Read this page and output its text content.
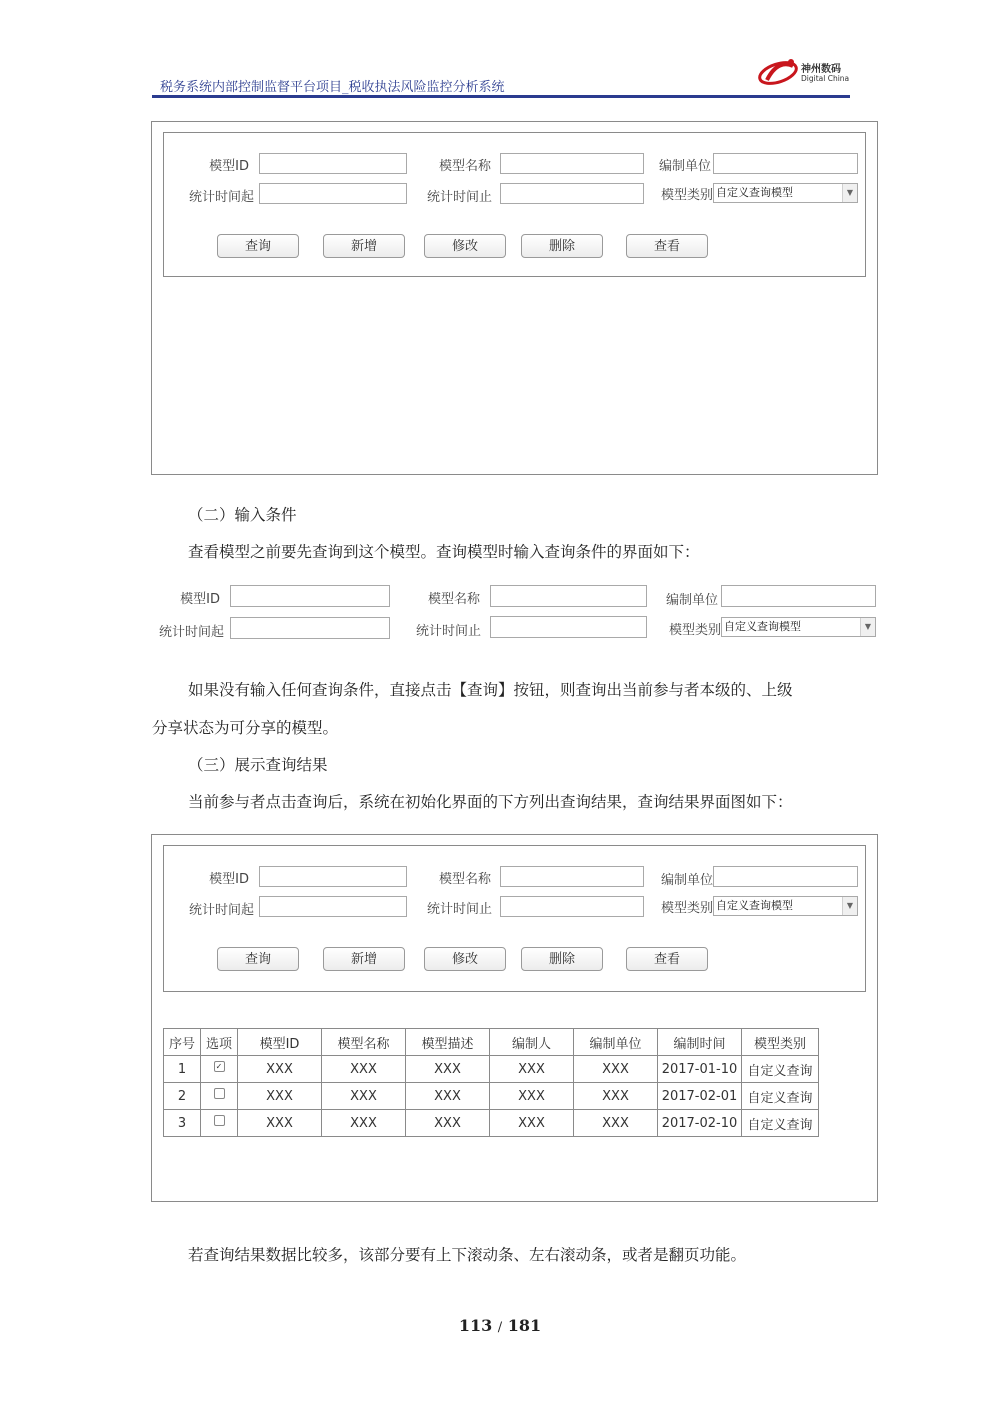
税务系统内部控制监督平台项目_税收执法风险监控分析系统
神州数码
Digital China
模型ID	模型名称	编制单位
统计时间起	统计时间止	模型类别 自定义查询模型	▼
查询	新增	修改	删除	查看
（二）输入条件
查看模型之前要先查询到这个模型。查询模型时输入查询条件的界面如下：
模型ID	模型名称	编制单位
统计时间起	统计时间止	模型类别 自定义查询模型	▼
如果没有输入任何查询条件，直接点击【查询】按钮，则查询出当前参与者本级的、上级
分享状态为可分享的模型。
（三）展示查询结果
当前参与者点击查询后，系统在初始化界面的下方列出查询结果，查询结果界面图如下：
模型ID	模型名称	编制单位
统计时间起	统计时间止	模型类别 自定义查询模型	▼
查询	新增	修改	删除	查看
序号	选项	模型ID	模型名称	模型描述	编制人	编制单位	编制时间	模型类别
1	✓	XXX	XXX	XXX	XXX	XXX	2017-01-10	自定义查询
2		XXX	XXX	XXX	XXX	XXX	2017-02-01	自定义查询
3		XXX	XXX	XXX	XXX	XXX	2017-02-10	自定义查询
若查询结果数据比较多，该部分要有上下滚动条、左右滚动条，或者是翻页功能。
113 / 181
